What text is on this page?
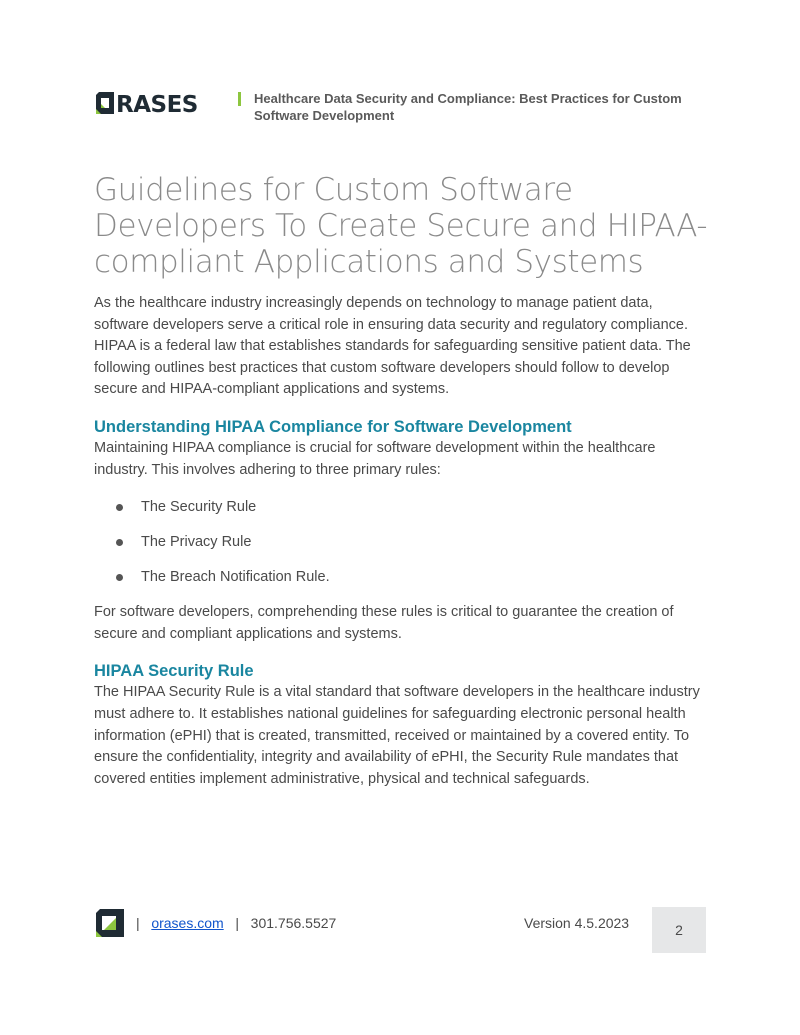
RASES	Healthcare Data Security and Compliance: Best Practices for Custom Software Development
Guidelines for Custom Software Developers To Create Secure and HIPAA-compliant Applications and Systems

As the healthcare industry increasingly depends on technology to manage patient data, software developers serve a critical role in ensuring data security and regulatory compliance. HIPAA is a federal law that establishes standards for safeguarding sensitive patient data. The following outlines best practices that custom software developers should follow to develop secure and HIPAA-compliant applications and systems.

Understanding HIPAA Compliance for Software Development

Maintaining HIPAA compliance is crucial for software development within the healthcare industry. This involves adhering to three primary rules:

The Security Rule
The Privacy Rule
The Breach Notification Rule.

For software developers, comprehending these rules is critical to guarantee the creation of secure and compliant applications and systems.

HIPAA Security Rule

The HIPAA Security Rule is a vital standard that software developers in the healthcare industry must adhere to. It establishes national guidelines for safeguarding electronic personal health information (ePHI) that is created, transmitted, received or maintained by a covered entity. To ensure the confidentiality, integrity and availability of ePHI, the Security Rule mandates that covered entities implement administrative, physical and technical safeguards.

| orases.com | 301.756.5527	Version 4.5.2023	2
